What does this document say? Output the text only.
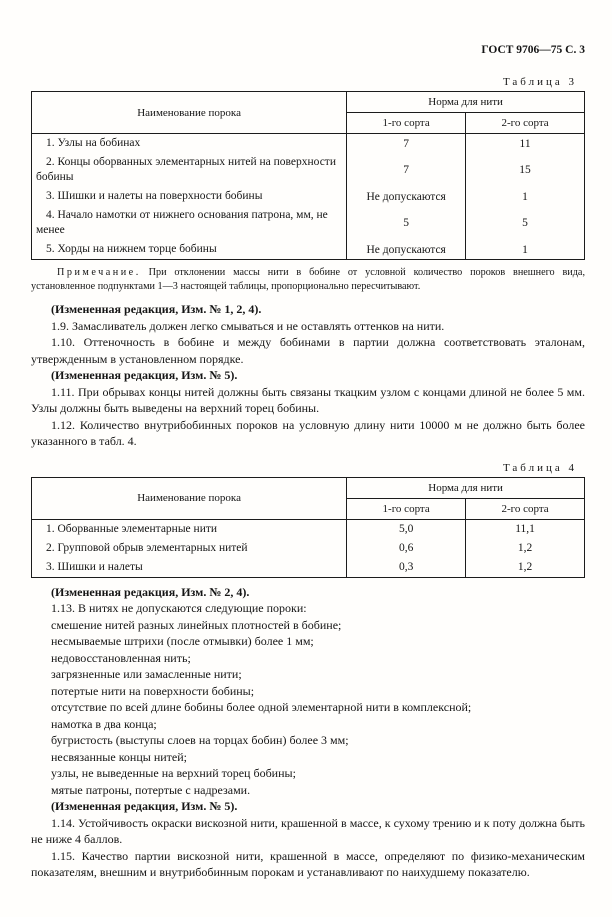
ГОСТ 9706—75 С. 3
Таблица 3
Наименование порока	Норма для нити	
	1-го сорта	2-го сорта
1. Узлы на бобинах	7	11
2. Концы оборванных элементарных нитей на поверхности бобины	7	15
3. Шишки и налеты на поверхности бобины	Не допускаются	1
4. Начало намотки от нижнего основания патрона, мм, не менее	5	5
5. Хорды на нижнем торце бобины	Не допускаются	1

Примечание. При отклонении массы нити в бобине от условной количество пороков внешнего вида, установленное подпунктами 1—3 настоящей таблицы, пропорционально пересчитывают.

(Измененная редакция, Изм. № 1, 2, 4).

1.9. Замасливатель должен легко смываться и не оставлять оттенков на нити.

1.10. Оттеночность в бобине и между бобинами в партии должна соответствовать эталонам, утвержденным в установленном порядке.

(Измененная редакция, Изм. № 5).

1.11. При обрывах концы нитей должны быть связаны ткацким узлом с концами длиной не более 5 мм. Узлы должны быть выведены на верхний торец бобины.

1.12. Количество внутрибобинных пороков на условную длину нити 10000 м не должно быть более указанного в табл. 4.

Таблица 4
Наименование порока	Норма для нити	
	1-го сорта	2-го сорта
1. Оборванные элементарные нити	5,0	11,1
2. Групповой обрыв элементарных нитей	0,6	1,2
3. Шишки и налеты	0,3	1,2

(Измененная редакция, Изм. № 2, 4).

1.13. В нитях не допускаются следующие пороки:

смешение нитей разных линейных плотностей в бобине;

несмываемые штрихи (после отмывки) более 1 мм;

недовосстановленная нить;

загрязненные или замасленные нити;

потертые нити на поверхности бобины;

отсутствие по всей длине бобины более одной элементарной нити в комплексной;

намотка в два конца;

бугристость (выступы слоев на торцах бобин) более 3 мм;

несвязанные концы нитей;

узлы, не выведенные на верхний торец бобины;

мятые патроны, потертые с надрезами.

(Измененная редакция, Изм. № 5).

1.14. Устойчивость окраски вискозной нити, крашенной в массе, к сухому трению и к поту должна быть не ниже 4 баллов.

1.15. Качество партии вискозной нити, крашенной в массе, определяют по физико-механическим показателям, внешним и внутрибобинным порокам и устанавливают по наихудшему показателю.
